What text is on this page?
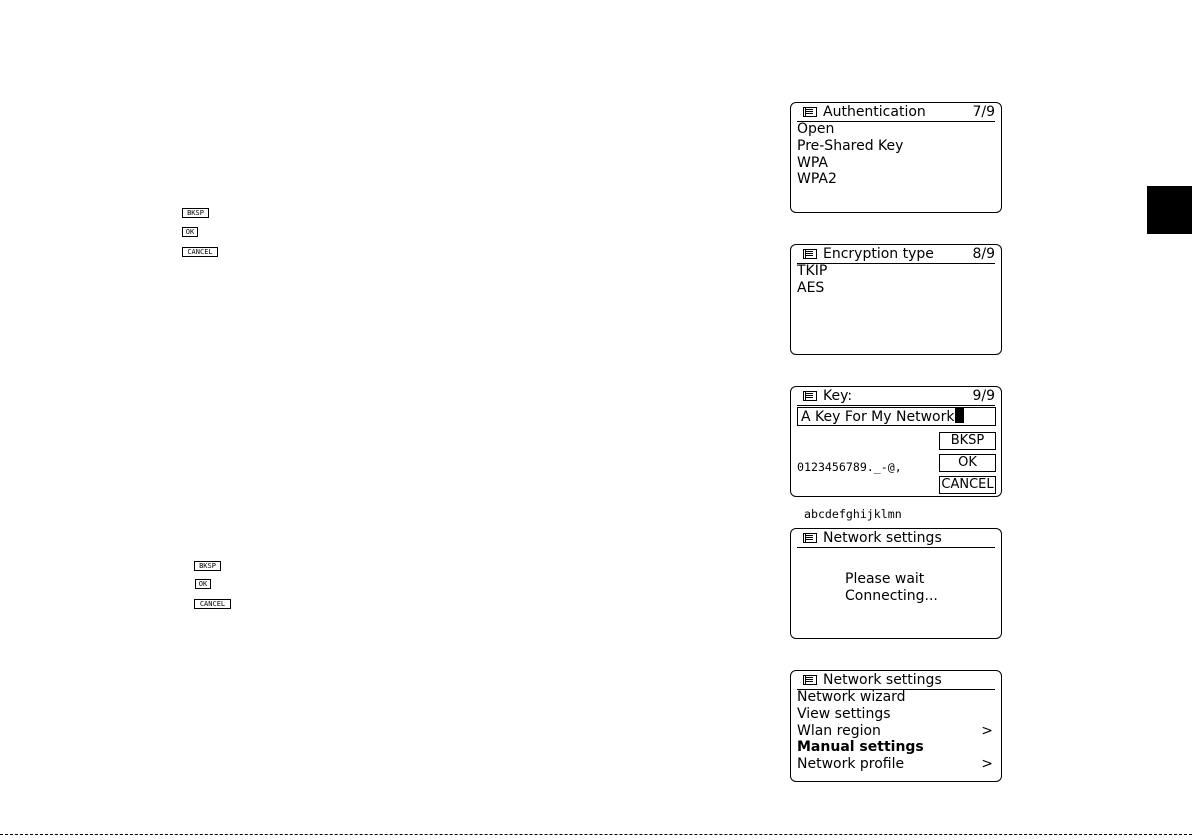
BKSP
OK
CANCEL
BKSP
OK
CANCEL
Authentication	7/9
Open
Pre-Shared Key
WPA
WPA2
Encryption type	8/9
TKIP
AES
Key:	9/9
A Key For My Network

0123456789._-@,

abcdefghijklmn

BKSP
OK
CANCEL
Network settings
Please wait
Connecting...
Network settings
Network wizard
View settings
Wlan region	>
Manual settings
Network profile	>
